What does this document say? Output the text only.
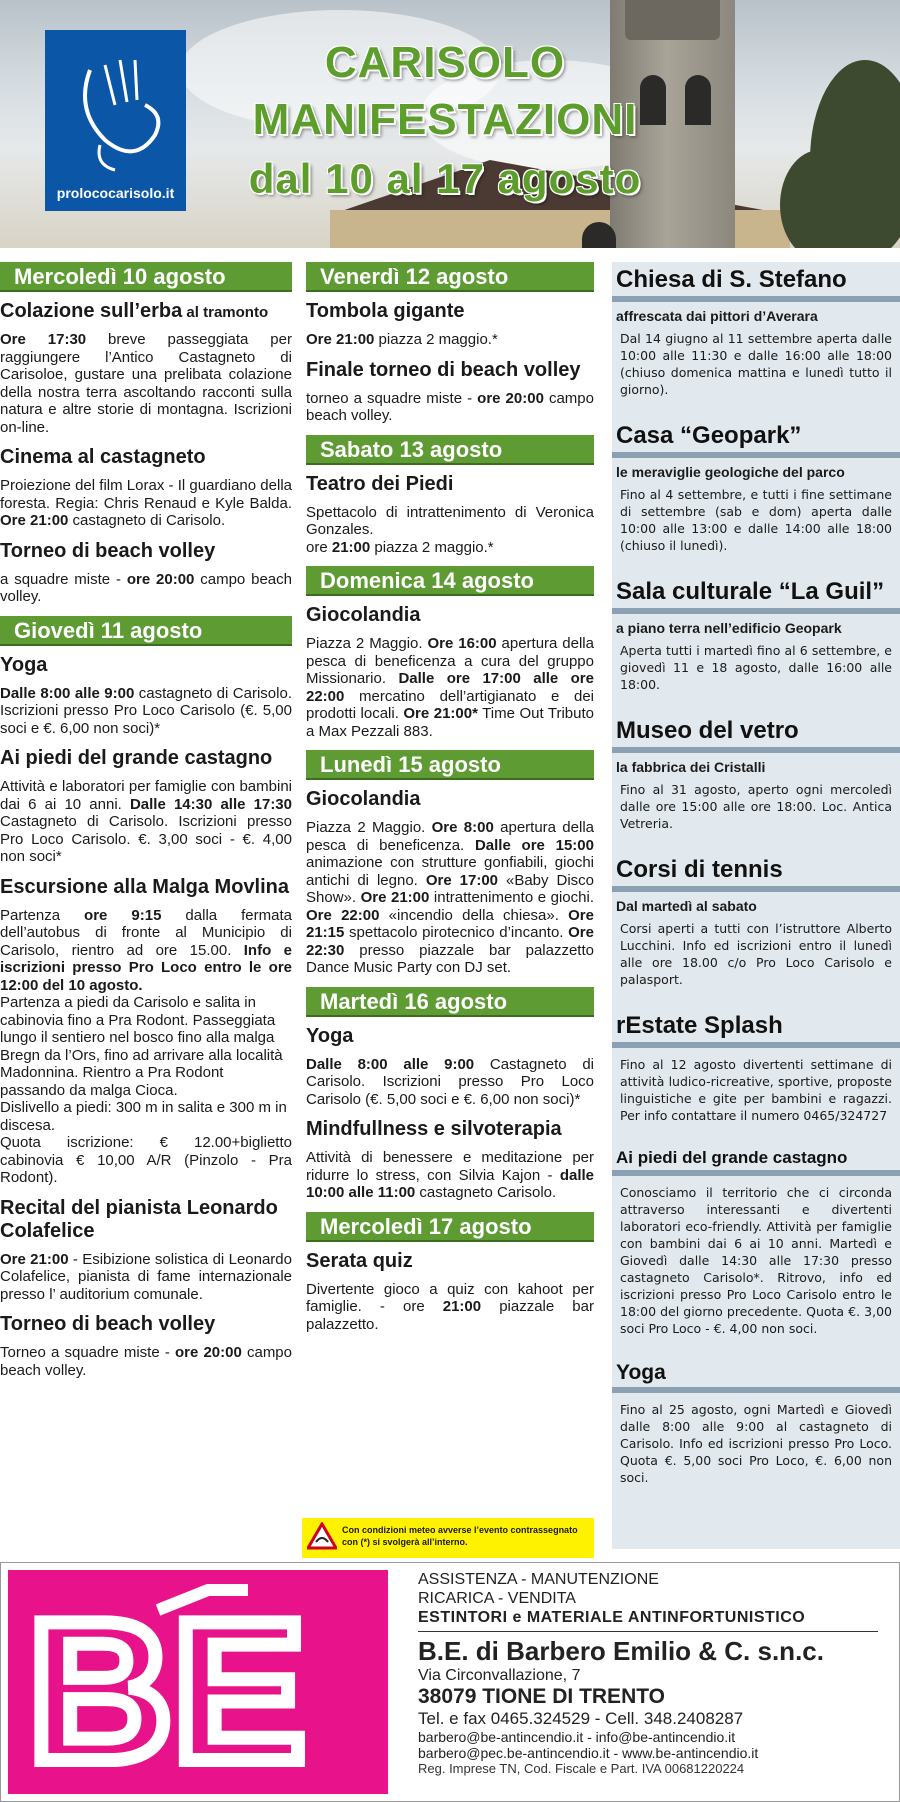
prolococarisolo.it
CARISOLO
MANIFESTAZIONI
dal 10 al 17 agosto
Mercoledì 10 agosto
Colazione sull’erba al tramonto
Ore 17:30 breve passeggiata per raggiungere l’Antico Castagneto di Carisoloe, gustare una prelibata colazione della nostra terra ascoltando racconti sulla natura e altre storie di montagna. Iscrizioni on-line.
Cinema al castagneto
Proiezione del film Lorax - Il guardiano della foresta. Regia: Chris Renaud e Kyle Balda. Ore 21:00 castagneto di Carisolo.
Torneo di beach volley
a squadre miste - ore 20:00 campo beach volley.
Giovedì 11 agosto
Yoga
Dalle 8:00 alle 9:00 castagneto di Carisolo. Iscrizioni presso Pro Loco Carisolo (€. 5,00 soci e €. 6,00 non soci)*
Ai piedi del grande castagno
Attività e laboratori per famiglie con bambini dai 6 ai 10 anni. Dalle 14:30 alle 17:30 Castagneto di Carisolo. Iscrizioni presso Pro Loco Carisolo. €. 3,00 soci - €. 4,00 non soci*
Escursione alla Malga Movlina
Partenza ore 9:15 dalla fermata dell’autobus di fronte al Municipio di Carisolo, rientro ad ore 15.00. Info e iscrizioni presso Pro Loco entro le ore 12:00 del 10 agosto.
Partenza a piedi da Carisolo e salita in cabinovia fino a Pra Rodont. Passeggiata lungo il sentiero nel bosco fino alla malga Bregn da l’Ors, fino ad arrivare alla località Madonnina. Rientro a Pra Rodont passando da malga Cioca.
Dislivello a piedi: 300 m in salita e 300 m in discesa.
Quota iscrizione: € 12.00+biglietto cabinovia € 10,00 A/R (Pinzolo - Pra Rodont).
Recital del pianista Leonardo Colafelice
Ore 21:00 - Esibizione solistica di Leonardo Colafelice, pianista di fame internazionale presso l’ auditorium comunale.
Torneo di beach volley
Torneo a squadre miste - ore 20:00 campo beach volley.
Venerdì 12 agosto
Tombola gigante
Ore 21:00 piazza 2 maggio.*
Finale torneo di beach volley
torneo a squadre miste - ore 20:00 campo beach volley.
Sabato 13 agosto
Teatro dei Piedi
Spettacolo di intrattenimento di Veronica Gonzales.
ore 21:00 piazza 2 maggio.*
Domenica 14 agosto
Giocolandia
Piazza 2 Maggio. Ore 16:00 apertura della pesca di beneficenza a cura del gruppo Missionario. Dalle ore 17:00 alle ore 22:00 mercatino dell’artigianato e dei prodotti locali. Ore 21:00* Time Out Tributo a Max Pezzali 883.
Lunedì 15 agosto
Giocolandia
Piazza 2 Maggio. Ore 8:00 apertura della pesca di beneficenza. Dalle ore 15:00 animazione con strutture gonfiabili, giochi antichi di legno. Ore 17:00 «Baby Disco Show». Ore 21:00 intrattenimento e giochi. Ore 22:00 «incendio della chiesa». Ore 21:15 spettacolo pirotecnico d’incanto. Ore 22:30 presso piazzale bar palazzetto Dance Music Party con DJ set.
Martedì 16 agosto
Yoga
Dalle 8:00 alle 9:00 Castagneto di Carisolo. Iscrizioni presso Pro Loco Carisolo (€. 5,00 soci e €. 6,00 non soci)*
Mindfullness e silvoterapia
Attività di benessere e meditazione per ridurre lo stress, con Silvia Kajon - dalle 10:00 alle 11:00 castagneto Carisolo.
Mercoledì 17 agosto
Serata quiz
Divertente gioco a quiz con kahoot per famiglie. - ore 21:00 piazzale bar palazzetto.
Con condizioni meteo avverse l’evento contrassegnato con (*) si svolgerà all’interno.
Chiesa di S. Stefano
affrescata dai pittori d’Averara
Dal 14 giugno al 11 settembre aperta dalle 10:00 alle 11:30 e dalle 16:00 alle 18:00 (chiuso domenica mattina e lunedì tutto il giorno).
Casa “Geopark”
le meraviglie geologiche del parco
Fino al 4 settembre, e tutti i fine settimane di settembre (sab e dom) aperta dalle 10:00 alle 13:00 e dalle 14:00 alle 18:00 (chiuso il lunedì).
Sala culturale “La Guil”
a piano terra nell’edificio Geopark
Aperta tutti i martedì fino al 6 settembre, e giovedì 11 e 18 agosto, dalle 16:00 alle 18:00.
Museo del vetro
la fabbrica dei Cristalli
Fino al 31 agosto, aperto ogni mercoledì dalle ore 15:00 alle ore 18:00. Loc. Antica Vetreria.
Corsi di tennis
Dal martedì al sabato
Corsi aperti a tutti con l’istruttore Alberto Lucchini. Info ed iscrizioni entro il lunedì alle ore 18.00 c/o Pro Loco Carisolo e palasport.
rEstate Splash
Fino al 12 agosto divertenti settimane di attività ludico-ricreative, sportive, proposte linguistiche e gite per bambini e ragazzi. Per info contattare il numero 0465/324727
Ai piedi del grande castagno
Conosciamo il territorio che ci circonda attraverso interessanti e divertenti laboratori eco-friendly. Attività per famiglie con bambini dai 6 ai 10 anni. Martedì e Giovedì dalle 14:30 alle 17:30 presso castagneto Carisolo*. Ritrovo, info ed iscrizioni presso Pro Loco Carisolo entro le 18:00 del giorno precedente. Quota €. 3,00 soci Pro Loco - €. 4,00 non soci.
Yoga
Fino al 25 agosto, ogni Martedì e Giovedì dalle 8:00 alle 9:00 al castagneto di Carisolo. Info ed iscrizioni presso Pro Loco. Quota €. 5,00 soci Pro Loco, €. 6,00 non soci.
BE
ASSISTENZA - MANUTENZIONE
RICARICA - VENDITA
ESTINTORI e MATERIALE ANTINFORTUNISTICO
B.E. di Barbero Emilio & C. s.n.c.
Via Circonvallazione, 7
38079 TIONE DI TRENTO
Tel. e fax 0465.324529 - Cell. 348.2408287
barbero@be-antincendio.it - info@be-antincendio.it
barbero@pec.be-antincendio.it - www.be-antincendio.it
Reg. Imprese TN, Cod. Fiscale e Part. IVA 00681220224
